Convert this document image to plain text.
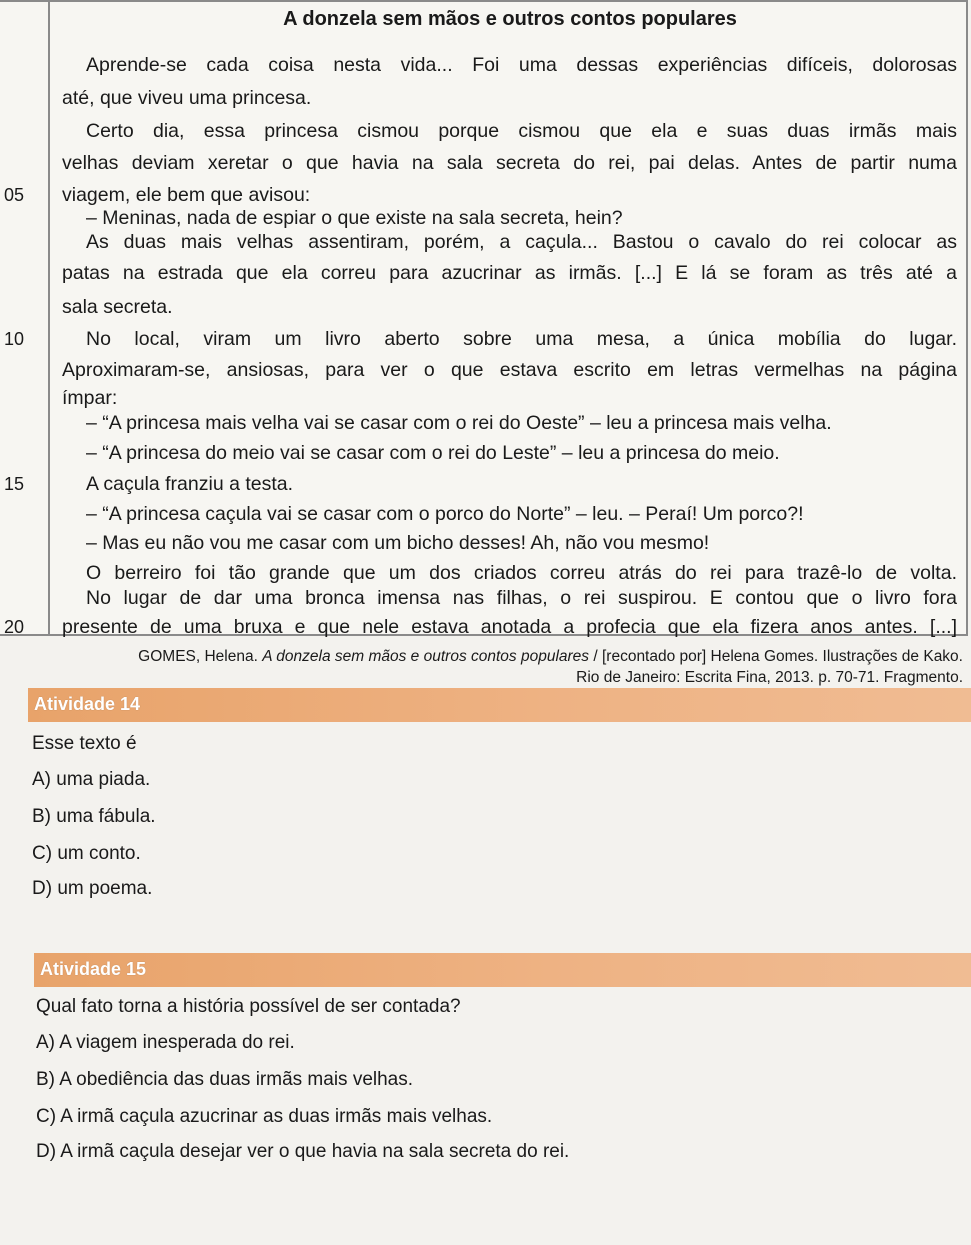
A donzela sem mãos e outros contos populares
Aprende-se cada coisa nesta vida... Foi uma dessas experiências difíceis, dolorosas
até, que viveu uma princesa.
Certo dia, essa princesa cismou porque cismou que ela e suas duas irmãs mais
velhas deviam xeretar o que havia na sala secreta do rei, pai delas. Antes de partir numa
viagem, ele bem que avisou:
– Meninas, nada de espiar o que existe na sala secreta, hein?
As duas mais velhas assentiram, porém, a caçula... Bastou o cavalo do rei colocar as
patas na estrada que ela correu para azucrinar as irmãs. [...] E lá se foram as três até a
sala secreta.
No local, viram um livro aberto sobre uma mesa, a única mobília do lugar.
Aproximaram-se, ansiosas, para ver o que estava escrito em letras vermelhas na página
ímpar:
– “A princesa mais velha vai se casar com o rei do Oeste” – leu a princesa mais velha.
– “A princesa do meio vai se casar com o rei do Leste” – leu a princesa do meio.
A caçula franziu a testa.
– “A princesa caçula vai se casar com o porco do Norte” – leu. – Peraí! Um porco?!
– Mas eu não vou me casar com um bicho desses! Ah, não vou mesmo!
O berreiro foi tão grande que um dos criados correu atrás do rei para trazê-lo de volta.
No lugar de dar uma bronca imensa nas filhas, o rei suspirou. E contou que o livro fora
presente de uma bruxa e que nele estava anotada a profecia que ela fizera anos antes. [...]
05
10
15
20
GOMES, Helena. A donzela sem mãos e outros contos populares / [recontado por] Helena Gomes. Ilustrações de Kako.
Rio de Janeiro: Escrita Fina, 2013. p. 70-71. Fragmento.
Atividade 14
Esse texto é
A) uma piada.
B) uma fábula.
C) um conto.
D) um poema.
Atividade 15
Qual fato torna a história possível de ser contada?
A) A viagem inesperada do rei.
B) A obediência das duas irmãs mais velhas.
C) A irmã caçula azucrinar as duas irmãs mais velhas.
D) A irmã caçula desejar ver o que havia na sala secreta do rei.
